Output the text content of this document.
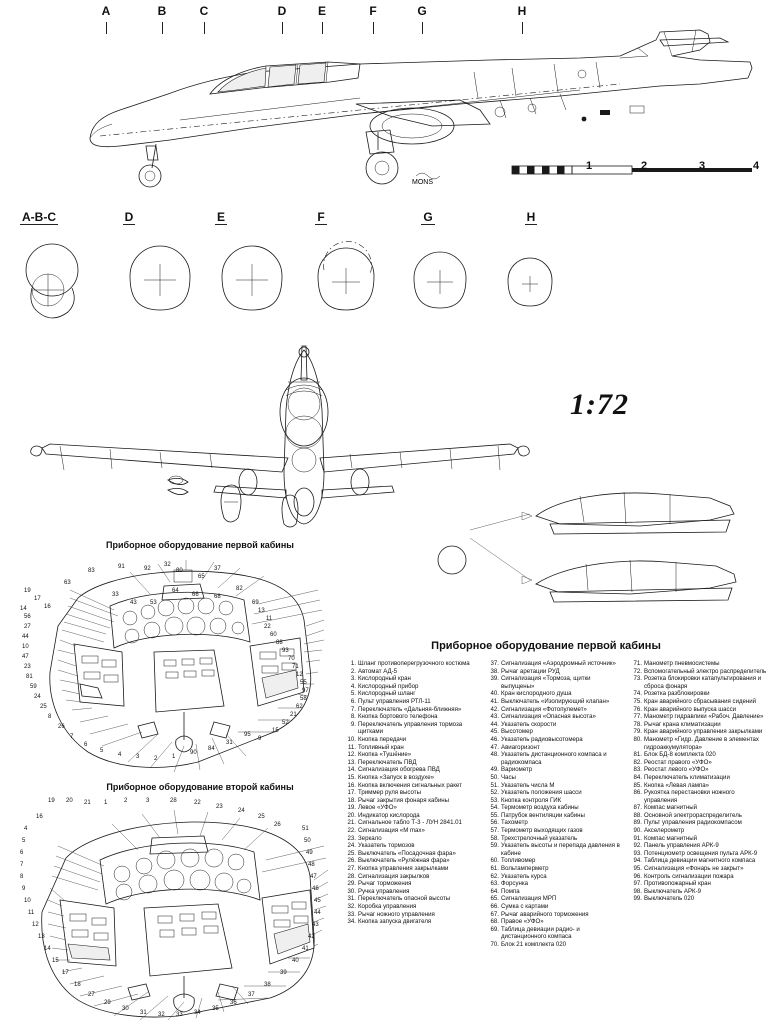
A	B	C	D	E	F	G	H
MONS
1	2	3	4
A-B-C	D	E	F	G	H
1:72
Приборное оборудование первой кабины
63
91
83	92
65
80
19	82
17
33
64
66	68
16
43 53	69
14	13
11
22
60
88
93
70
71
12
55
97
58
62
21
52
15
9
56
27
44
10
47
23
81
59
24
25
8
26
7
6
5
4 3 2 1
90
84
31
95
37
32
Приборное оборудование второй кабины
19 20 21 1	2	3
16
28	22
23
24
25
26
4
5
6
7
8
9
10
11
12
13
14
15
17
18
27
29
30
31 32 33 34
35
36
37
38
39
40
41
42
43
44
45
46
47
48
49
50
51
Приборное оборудование первой кабины
1. Шланг противоперегрузочного костюма
2. Автомат АД-5
3. Кислородный кран
4. Кислородный прибор
5. Кислородный шланг
6. Пульт управления РТЛ-11
7. Переключатель «Дальняя-ближняя»
8. Кнопка бортового телефона
9. Переключатель управления тормоза щитками
10. Кнопка передачи
11. Топливный кран
12. Кнопка «Туше́ние»
13. Переключатель ПВД
14. Сигнализация обогрева ПВД
15. Кнопка «Запуск в воздухе»
16. Кнопка включения сигнальных ракет
17. Триммер руля высоты
18. Рычаг закрытия фонаря кабины
19. Левое «УФО»
20. Индикатор кислорода
21. Сигнальное табло Т-3 - ЛУН 2841.01
22. Сигнализация «М max»
23. Зеркало
24. Указатель тормозов
25. Выключатель «Посадочная фара»
26. Выключатель «Рулёжная фара»
27. Кнопка управления закрылками
28. Сигнализация закрылков
29. Рычаг торможения
30. Ручка управления
31. Переключатель опасной высоты
32. Коробка управления
33. Рычаг ножного управления
34. Кнопка запуска двигателя
37. Сигнализация «Аэродромный источник»
38. Рычаг аретации РУД
39. Сигнализация «Тормоза, щитки выпущены»
40. Кран кислородного душа
41. Выключатель «Изолирующий клапан»
42. Сигнализация «Фотопулемет»
43. Сигнализация «Опасная высота»
44. Указатель скорости
45. Высотомер
46. Указатель радиовысотомера
47. Авиагоризонт
48. Указатель дистанционного компаса и радиокомпаса
49. Вариометр
50. Часы
51. Указатель числа М
52. Указатель положения шасси
53. Кнопка контроля ГИК
54. Термометр воздуха кабины
55. Патрубок вентиляции кабины
56. Тахометр
57. Термометр выходящих газов
58. Трехстрелочный указатель
59. Указатель высоты и перепада давления в кабине
60. Топливомер
61. Вольтамперметр
62. Указатель курса
63. Форсунка
64. Помпа
65. Сигнализация МРП
66. Сумка с картами
67. Рычаг аварийного торможения
68. Правое «УФО»
69. Таблица девиации радио- и дистанционного компаса
70. Блок 21 комплекта 020
71. Манометр пневмосистемы
72. Вспомогательный электро распределитель
73. Розетка блокировки катапультирования и сброса фонаря
74. Розетка разблокировки
75. Кран аварийного сбрасывания сидений
76. Кран аварийного выпуска шасси
77. Манометр гидравлики «Рабоч. Давление»
78. Рычаг крана климатизации
79. Кран аварийного управления закрылками
80. Манометр «Гидр. Давление в элементах гидроаккумулятора»
81. Блок БД-8 комплекта 020
82. Реостат правого «УФО»
83. Реостат левого «УФО»
84. Переключатель климатизации
85. Кнопка «Левая лампа»
86. Рукоятка перестановки ножного управления
87. Компас магнитный
88. Основной электрораспределитель
89. Пульт управления радиокомпасом
90. Акселерометр
91. Компас магнитный
92. Панель управления АРК-9
93. Потенциометр освещения пульта АРК-9
94. Таблица девиации магнитного компаса
95. Сигнализация «Фонарь не закрыт»
96. Контроль сигнализации пожара
97. Противопожарный кран
98. Выключатель АРК-9
99. Выключатель 020
